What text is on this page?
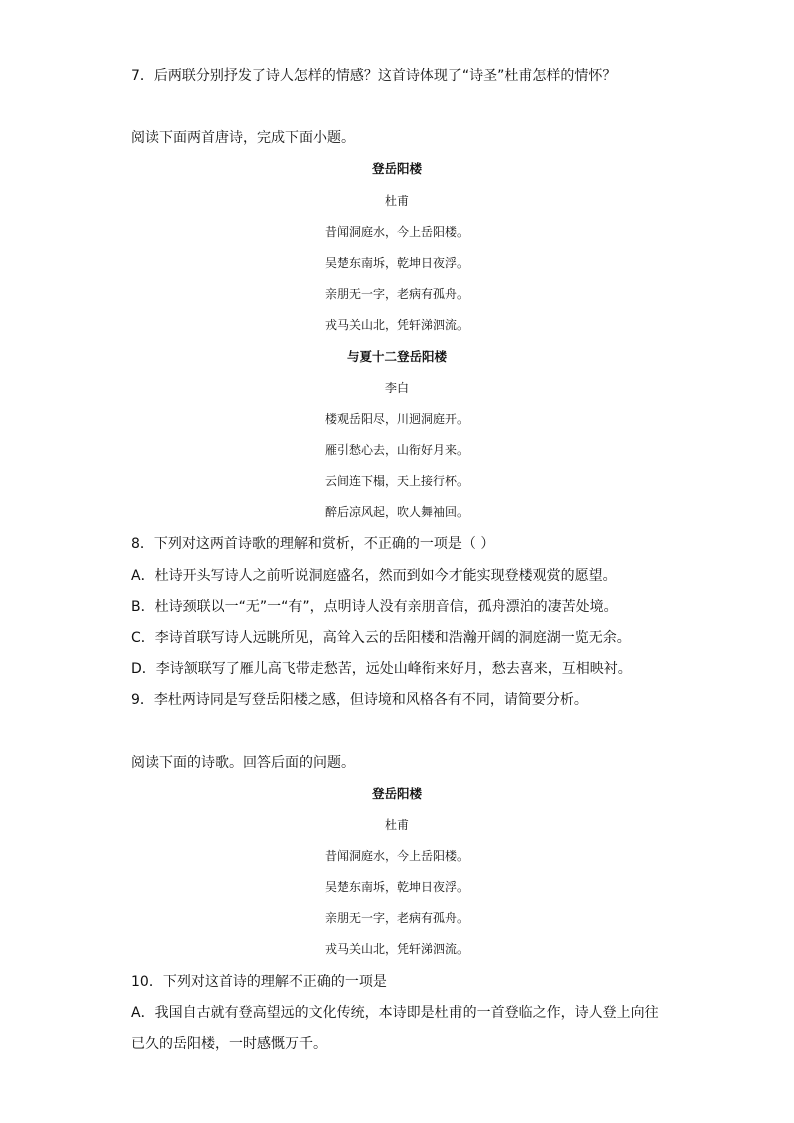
7．后两联分别抒发了诗人怎样的情感？这首诗体现了“诗圣”杜甫怎样的情怀？
阅读下面两首唐诗，完成下面小题。
登岳阳楼
杜甫
昔闻洞庭水，今上岳阳楼。
吴楚东南坼，乾坤日夜浮。
亲朋无一字，老病有孤舟。
戎马关山北，凭轩涕泗流。
与夏十二登岳阳楼
李白
楼观岳阳尽，川迥洞庭开。
雁引愁心去，山衔好月来。
云间连下榻，天上接行杯。
醉后凉风起，吹人舞袖回。
8．下列对这两首诗歌的理解和赏析，不正确的一项是（ ）
A．杜诗开头写诗人之前听说洞庭盛名，然而到如今才能实现登楼观赏的愿望。
B．杜诗颈联以一“无”一“有”，点明诗人没有亲朋音信，孤舟漂泊的凄苦处境。
C．李诗首联写诗人远眺所见，高耸入云的岳阳楼和浩瀚开阔的洞庭湖一览无余。
D．李诗颔联写了雁儿高飞带走愁苦，远处山峰衔来好月，愁去喜来，互相映衬。
9．李杜两诗同是写登岳阳楼之感，但诗境和风格各有不同，请简要分析。
阅读下面的诗歌。回答后面的问题。
登岳阳楼
杜甫
昔闻洞庭水，今上岳阳楼。
吴楚东南坼，乾坤日夜浮。
亲朋无一字，老病有孤舟。
戎马关山北，凭轩涕泗流。
10．下列对这首诗的理解不正确的一项是
A．我国自古就有登高望远的文化传统，本诗即是杜甫的一首登临之作，诗人登上向往
已久的岳阳楼，一时感慨万千。
